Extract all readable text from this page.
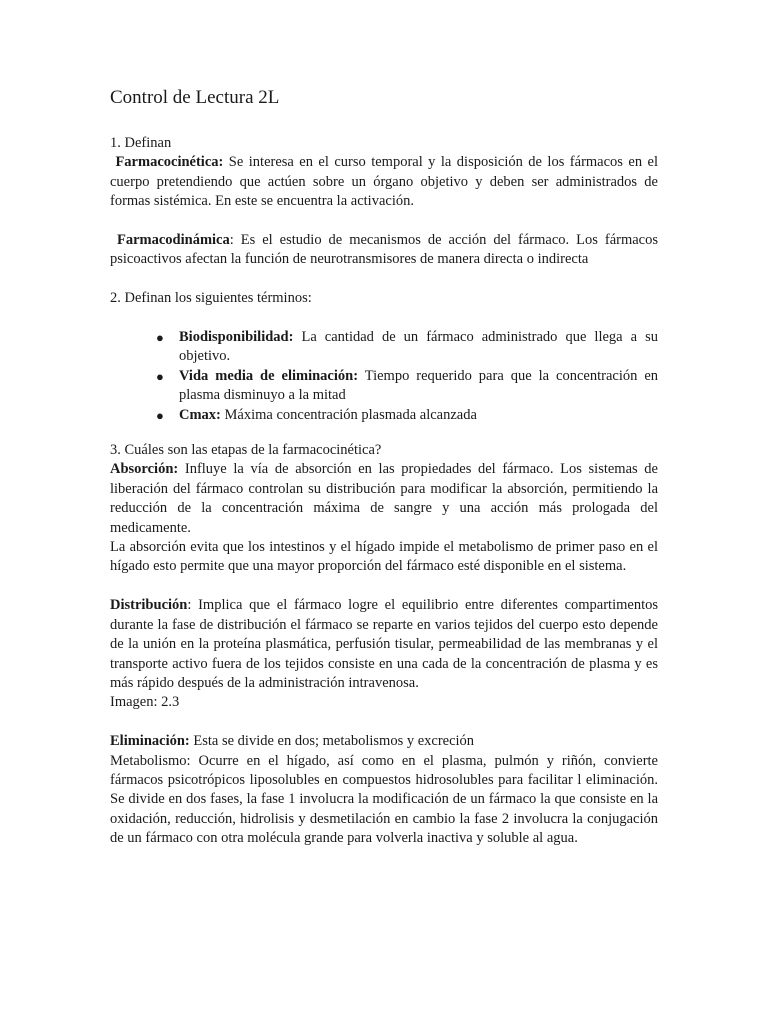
Control de Lectura 2L

1. Definan

Farmacocinética: Se interesa en el curso temporal y la disposición de los fármacos en el cuerpo pretendiendo que actúen sobre un órgano objetivo y deben ser administrados de formas sistémica. En este se encuentra la activación.

Farmacodinámica: Es el estudio de mecanismos de acción del fármaco. Los fármacos psicoactivos afectan la función de neurotransmisores de manera directa o indirecta

2. Definan los siguientes términos:

● Biodisponibilidad: La cantidad de un fármaco administrado que llega a su objetivo.
● Vida media de eliminación: Tiempo requerido para que la concentración en plasma disminuyo a la mitad
● Cmax: Máxima concentración plasmada alcanzada

3. Cuáles son las etapas de la farmacocinética?

Absorción: Influye la vía de absorción en las propiedades del fármaco. Los sistemas de liberación del fármaco controlan su distribución para modificar la absorción, permitiendo la reducción de la concentración máxima de sangre y una acción más prologada del medicamente.

La absorción evita que los intestinos y el hígado impide el metabolismo de primer paso en el hígado esto permite que una mayor proporción del fármaco esté disponible en el sistema.

Distribución: Implica que el fármaco logre el equilibrio entre diferentes compartimentos durante la fase de distribución el fármaco se reparte en varios tejidos del cuerpo esto depende de la unión en la proteína plasmática, perfusión tisular, permeabilidad de las membranas y el transporte activo fuera de los tejidos consiste en una cada de la concentración de plasma y es más rápido después de la administración intravenosa.

Imagen: 2.3

Eliminación: Esta se divide en dos; metabolismos y excreción

Metabolismo: Ocurre en el hígado, así como en el plasma, pulmón y riñón, convierte fármacos psicotrópicos liposolubles en compuestos hidrosolubles para facilitar l eliminación. Se divide en dos fases, la fase 1 involucra la modificación de un fármaco la que consiste en la oxidación, reducción, hidrolisis y desmetilación en cambio la fase 2 involucra la conjugación de un fármaco con otra molécula grande para volverla inactiva y soluble al agua.
